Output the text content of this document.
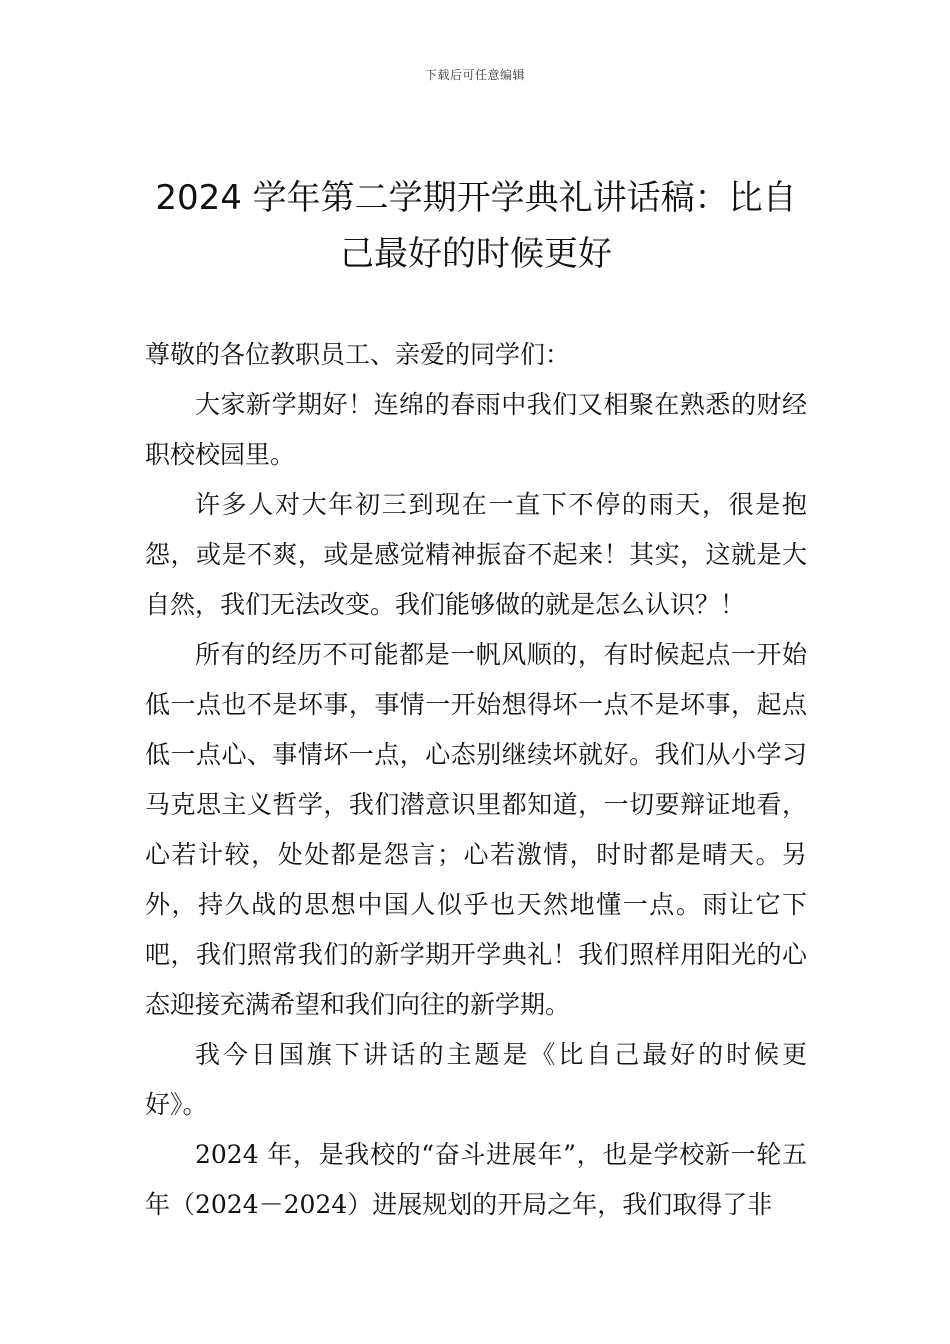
下载后可任意编辑
2024 学年第二学期开学典礼讲话稿：比自己最好的时候更好

尊敬的各位教职员工、亲爱的同学们：

大家新学期好！连绵的春雨中我们又相聚在熟悉的财经职校校园里。

许多人对大年初三到现在一直下不停的雨天，很是抱怨，或是不爽，或是感觉精神振奋不起来！其实，这就是大自然，我们无法改变。我们能够做的就是怎么认识？！

所有的经历不可能都是一帆风顺的，有时候起点一开始低一点也不是坏事，事情一开始想得坏一点不是坏事，起点低一点心、事情坏一点，心态别继续坏就好。我们从小学习马克思主义哲学，我们潜意识里都知道，一切要辩证地看，心若计较，处处都是怨言；心若激情，时时都是晴天。另外，持久战的思想中国人似乎也天然地懂一点。雨让它下吧，我们照常我们的新学期开学典礼！我们照样用阳光的心态迎接充满希望和我们向往的新学期。

我今日国旗下讲话的主题是《比自己最好的时候更好》。

2024 年，是我校的“奋斗进展年”，也是学校新一轮五年（2024－2024）进展规划的开局之年，我们取得了非
